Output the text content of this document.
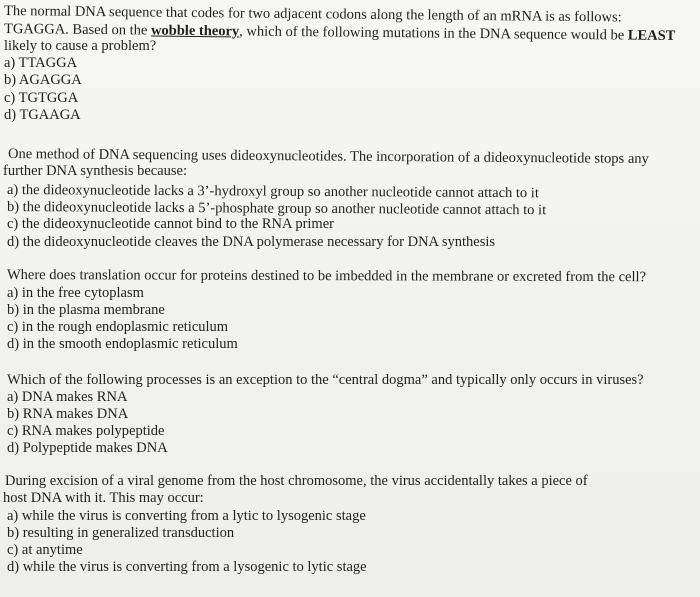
The normal DNA sequence that codes for two adjacent codons along the length of an mRNA is as follows:
TGAGGA. Based on the wobble theory, which of the following mutations in the DNA sequence would be LEAST
likely to cause a problem?
a) TTAGGA
b) AGAGGA
c) TGTGGA
d) TGAAGA
One method of DNA sequencing uses dideoxynucleotides. The incorporation of a dideoxynucleotide stops any
further DNA synthesis because:
a) the dideoxynucleotide lacks a 3’-hydroxyl group so another nucleotide cannot attach to it
b) the dideoxynucleotide lacks a 5’-phosphate group so another nucleotide cannot attach to it
c) the dideoxynucleotide cannot bind to the RNA primer
d) the dideoxynucleotide cleaves the DNA polymerase necessary for DNA synthesis
Where does translation occur for proteins destined to be imbedded in the membrane or excreted from the cell?
a) in the free cytoplasm
b) in the plasma membrane
c) in the rough endoplasmic reticulum
d) in the smooth endoplasmic reticulum
Which of the following processes is an exception to the “central dogma” and typically only occurs in viruses?
a) DNA makes RNA
b) RNA makes DNA
c) RNA makes polypeptide
d) Polypeptide makes DNA
During excision of a viral genome from the host chromosome, the virus accidentally takes a piece of
host DNA with it. This may occur:
a) while the virus is converting from a lytic to lysogenic stage
b) resulting in generalized transduction
c) at anytime
d) while the virus is converting from a lysogenic to lytic stage
